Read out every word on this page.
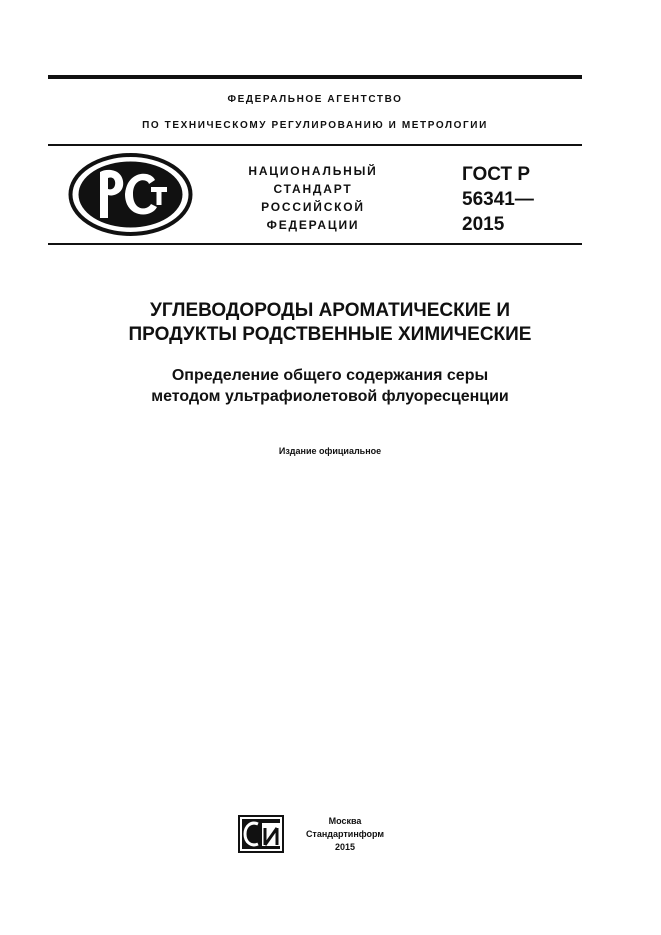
ФЕДЕРАЛЬНОЕ АГЕНТСТВО
ПО ТЕХНИЧЕСКОМУ РЕГУЛИРОВАНИЮ И МЕТРОЛОГИИ
НАЦИОНАЛЬНЫЙ
СТАНДАРТ
РОССИЙСКОЙ
ФЕДЕРАЦИИ
ГОСТ Р
56341—
2015
УГЛЕВОДОРОДЫ АРОМАТИЧЕСКИЕ И
ПРОДУКТЫ РОДСТВЕННЫЕ ХИМИЧЕСКИЕ
Определение общего содержания серы
методом ультрафиолетовой флуоресценции
Издание официальное
Москва
Стандартинформ
2015
